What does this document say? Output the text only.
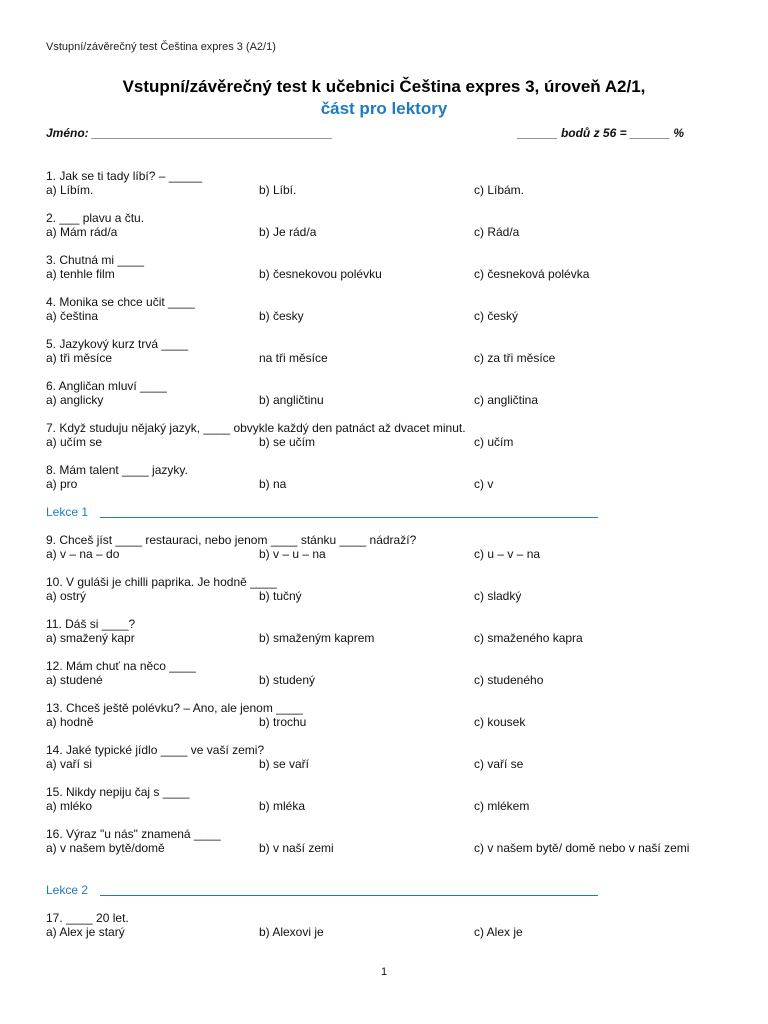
Vstupní/závěrečný test Čeština expres 3 (A2/1)
Vstupní/závěrečný test k učebnici Čeština expres 3, úroveň A2/1,
část pro lektory
Jméno: ____________________________________	______ bodů z 56 = ______ %
1. Jak se ti tady líbí? – _____
a) Líbím.	b) Líbí.	c) Líbám.
2. ___ plavu a čtu.
a) Mám rád/a	b) Je rád/a	c) Rád/a
3. Chutná mi ____
a) tenhle film	b) česnekovou polévku	c) česneková polévka
4. Monika se chce učit ____
a) čeština	b) česky	c) český
5. Jazykový kurz trvá ____
a) tři měsíce	na tři měsíce	c) za tři měsíce
6. Angličan mluví ____
a) anglicky	b) angličtinu	c) angličtina
7. Když studuju nějaký jazyk, ____ obvykle každý den patnáct až dvacet minut.
a) učím se	b) se učím	c) učím
8. Mám talent ____ jazyky.
a) pro	b) na	c) v
Lekce 1
9. Chceš jíst ____ restauraci, nebo jenom ____ stánku ____ nádraží?
a) v – na – do	b) v – u – na	c) u – v – na
10. V guláši je chilli paprika. Je hodně ____
a) ostrý	b) tučný	c) sladký
11. Dáš si ____?
a) smažený kapr	b) smaženým kaprem	c) smaženého kapra
12. Mám chuť na něco ____
a) studené	b) studený	c) studeného
13. Chceš ještě polévku? – Ano, ale jenom ____
a) hodně	b) trochu	c) kousek
14. Jaké typické jídlo ____ ve vaší zemi?
a) vaří si	b) se vaří	c) vaří se
15. Nikdy nepiju čaj s ____
a) mléko	b) mléka	c) mlékem
16. Výraz "u nás" znamená ____
a) v našem bytě/domě	b) v naší zemi	c) v našem bytě/ domě nebo v naší zemi
Lekce 2
17. ____ 20 let.
a) Alex je starý	b) Alexovi je	c) Alex je
1
